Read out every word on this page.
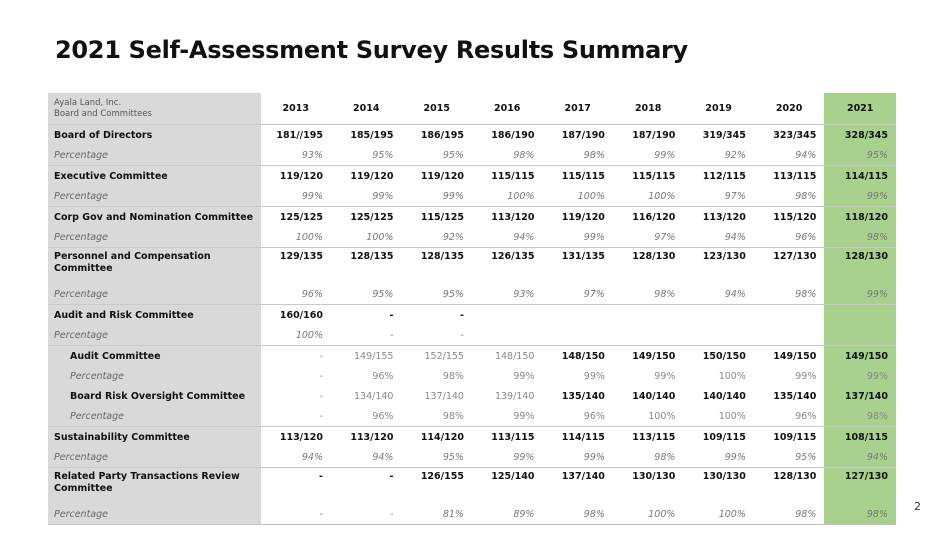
2021 Self-Assessment Survey Results Summary
Ayala Land, Inc.
Board and Committees	2013	2014	2015	2016	2017	2018	2019	2020	2021
Board of Directors	181//195	185/195	186/195	186/190	187/190	187/190	319/345	323/345	328/345
Percentage	93%	95%	95%	98%	98%	99%	92%	94%	95%
Executive Committee	119/120	119/120	119/120	115/115	115/115	115/115	112/115	113/115	114/115
Percentage	99%	99%	99%	100%	100%	100%	97%	98%	99%
Corp Gov and Nomination Committee	125/125	125/125	115/125	113/120	119/120	116/120	113/120	115/120	118/120
Percentage	100%	100%	92%	94%	99%	97%	94%	96%	98%
Personnel and Compensation Committee	129/135	128/135	128/135	126/135	131/135	128/130	123/130	127/130	128/130
Percentage	96%	95%	95%	93%	97%	98%	94%	98%	99%
Audit and Risk Committee	160/160	-	-						
Percentage	100%	-	-						
Audit Committee	-	149/155	152/155	148/150	148/150	149/150	150/150	149/150	149/150
Percentage	-	96%	98%	99%	99%	99%	100%	99%	99%
Board Risk Oversight Committee	-	134/140	137/140	139/140	135/140	140/140	140/140	135/140	137/140
Percentage	-	96%	98%	99%	96%	100%	100%	96%	98%
Sustainability Committee	113/120	113/120	114/120	113/115	114/115	113/115	109/115	109/115	108/115
Percentage	94%	94%	95%	99%	99%	98%	99%	95%	94%
Related Party Transactions Review Committee	-	-	126/155	125/140	137/140	130/130	130/130	128/130	127/130
Percentage	-	-	81%	89%	98%	100%	100%	98%	98%
2
